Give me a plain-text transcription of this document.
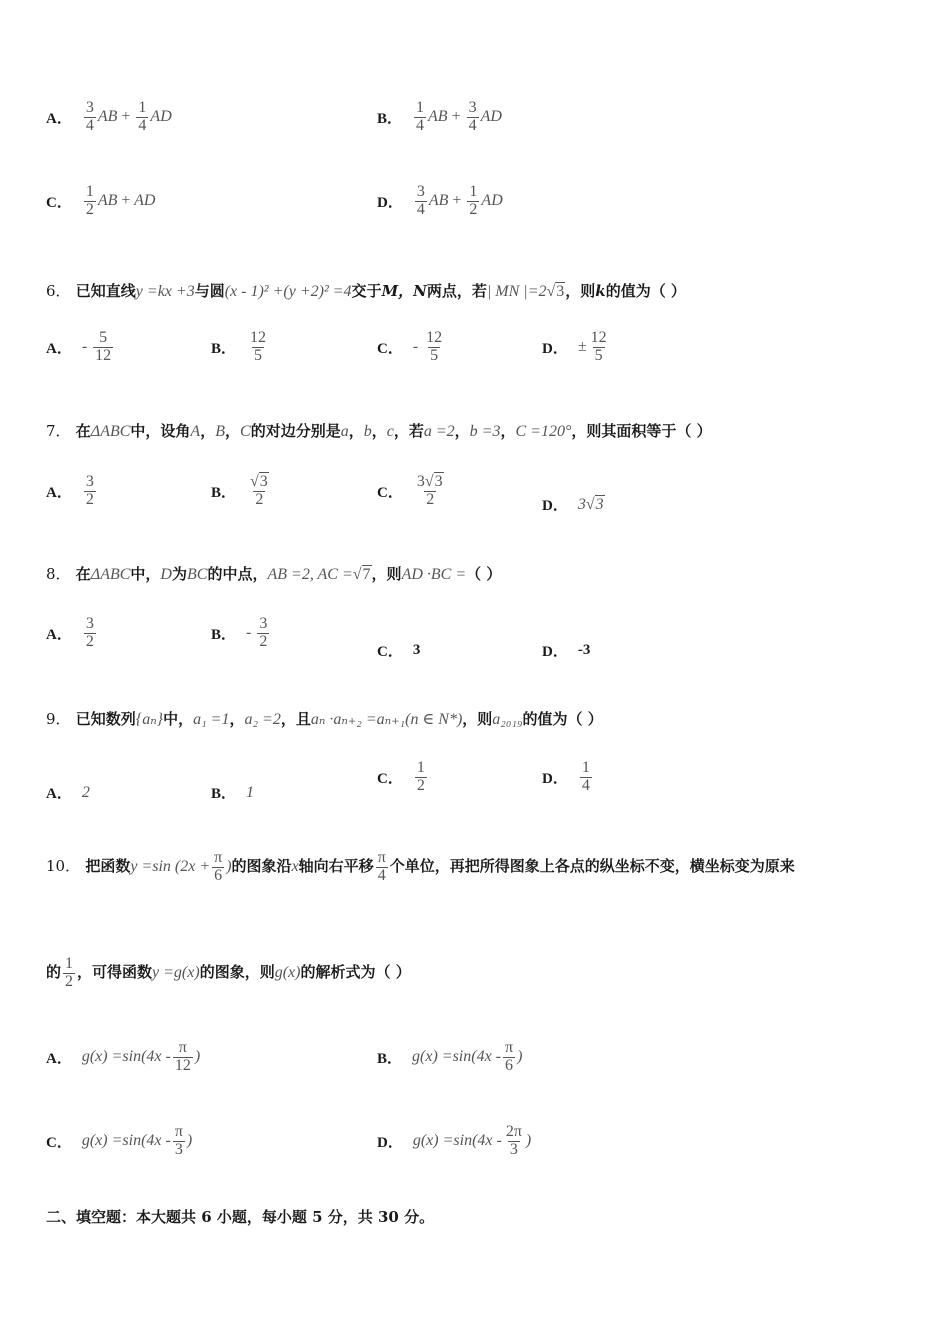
A． $\frac{3}{4}$ AB + $\frac{1}{4}$ AD	B． $\frac{1}{4}$ AB + $\frac{3}{4}$ AD
C． $\frac{1}{2}$ AB + AD	D． $\frac{3}{4}$ AB + $\frac{1}{2}$ AD
6． 已知直线y =kx +3与圆(x - 1)² +(y +2)² =4交于M，N两点，若| MN |=2√3，则k的值为（ ）
A． - $\frac{5}{12}$	B． $\frac{12}{5}$	C． - $\frac{12}{5}$	D． ± $\frac{12}{5}$
7． 在ΔABC中，设角A，B，C的对边分别是a，b，c，若a =2，b =3，C =120°，则其面积等于（ ）
A． $\frac{3}{2}$	B． $\frac{√3}{2}$	C． $\frac{3√3}{2}$	D． 3√3
8． 在ΔABC中，D为BC的中点，AB =2, AC =√7，则AD ·BC =（ ）
A． $\frac{3}{2}$	B． - $\frac{3}{2}$
C． 3	D． -3
9． 已知数列{aₙ}中，a₁ =1，a₂ =2，且aₙ ·aₙ₊₂ =aₙ₊₁(n ∈ N*)，则a₂₀₁₉的值为（ ）
A． 2	B． 1
C． $\frac{1}{2}$	D． $\frac{1}{4}$
10． 把函数y =sin ($2x + \frac{\pi}{6}$ )的图象沿x轴向右平移 $\frac{\pi}{4}$ 个单位，再把所得图象上各点的纵坐标不变，横坐标变为原来
的 $\frac{1}{2}$ ，可得函数y =g(x)的图象，则g(x)的解析式为（ ）
A． $g(x) =\sin(4x - \frac{\pi}{12}$ )	B． $g(x) =\sin(4x - \frac{\pi}{6}$ )
C． $g(x) =\sin(4x - \frac{\pi}{3}$ )	D． $g(x) =\sin(4x - \frac{2\pi}{3}$ )
二、填空题：本大题共 6 小题，每小题 5 分，共 30 分。
